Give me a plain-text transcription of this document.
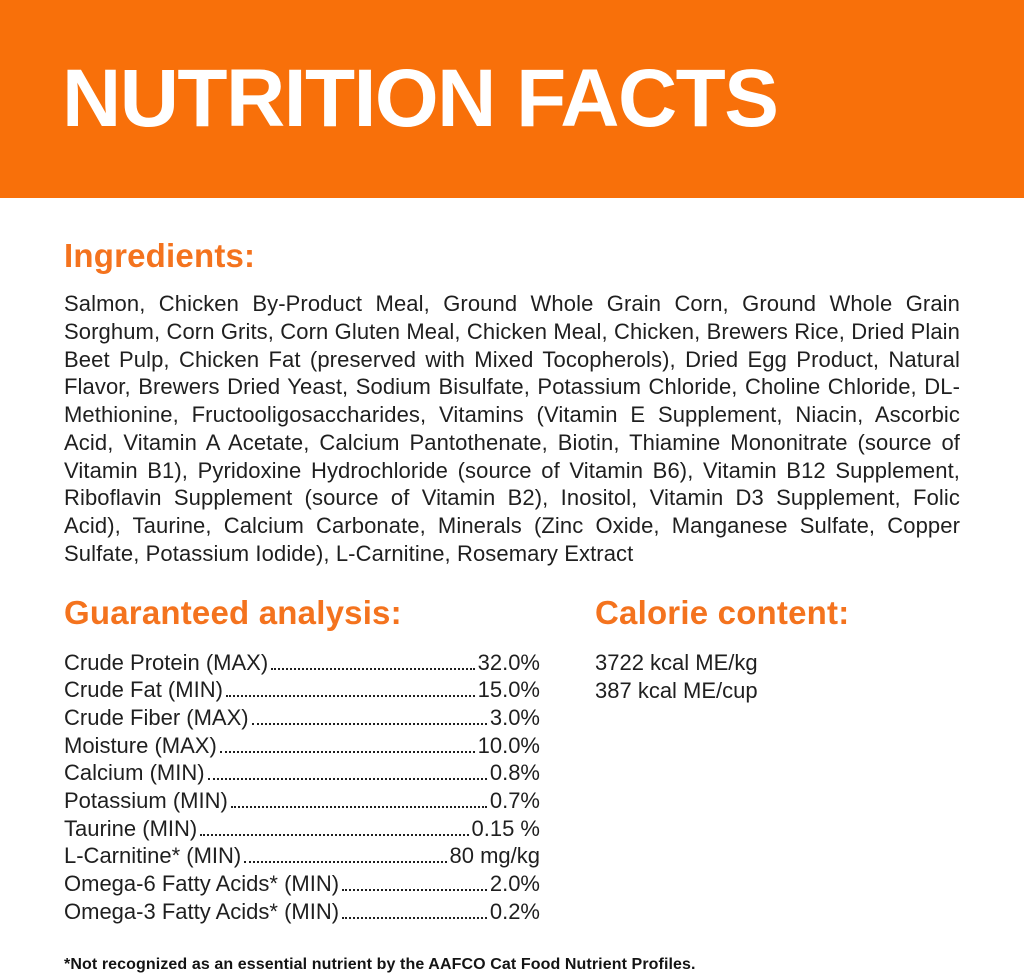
NUTRITION FACTS
Ingredients:

Salmon, Chicken By-Product Meal, Ground Whole Grain Corn, Ground Whole Grain Sorghum, Corn Grits, Corn Gluten Meal, Chicken Meal, Chicken, Brewers Rice, Dried Plain Beet Pulp, Chicken Fat (preserved with Mixed Tocopherols), Dried Egg Product, Natural Flavor, Brewers Dried Yeast, Sodium Bisulfate, Potassium Chloride, Choline Chloride, DL-Methionine, Fructooligosaccharides, Vitamins (Vitamin E Supplement, Niacin, Ascorbic Acid, Vitamin A Acetate, Calcium Pantothenate, Biotin, Thiamine Mononitrate (source of Vitamin B1), Pyridoxine Hydrochloride (source of Vitamin B6), Vitamin B12 Supplement, Riboflavin Supplement (source of Vitamin B2), Inositol, Vitamin D3 Supplement, Folic Acid), Taurine, Calcium Carbonate, Minerals (Zinc Oxide, Manganese Sulfate, Copper Sulfate, Potassium Iodide), L-Carnitine, Rosemary Extract

Guaranteed analysis:
Crude Protein (MAX)	32.0%
Crude Fat (MIN)	15.0%
Crude Fiber (MAX)	3.0%
Moisture (MAX)	10.0%
Calcium (MIN)	0.8%
Potassium (MIN)	0.7%
Taurine (MIN)	0.15 %
L-Carnitine* (MIN)	80 mg/kg
Omega-6 Fatty Acids* (MIN)	2.0%
Omega-3 Fatty Acids* (MIN)	0.2%
Calorie content:
3722 kcal ME/kg
387 kcal ME/cup
*Not recognized as an essential nutrient by the AAFCO Cat Food Nutrient Profiles.
